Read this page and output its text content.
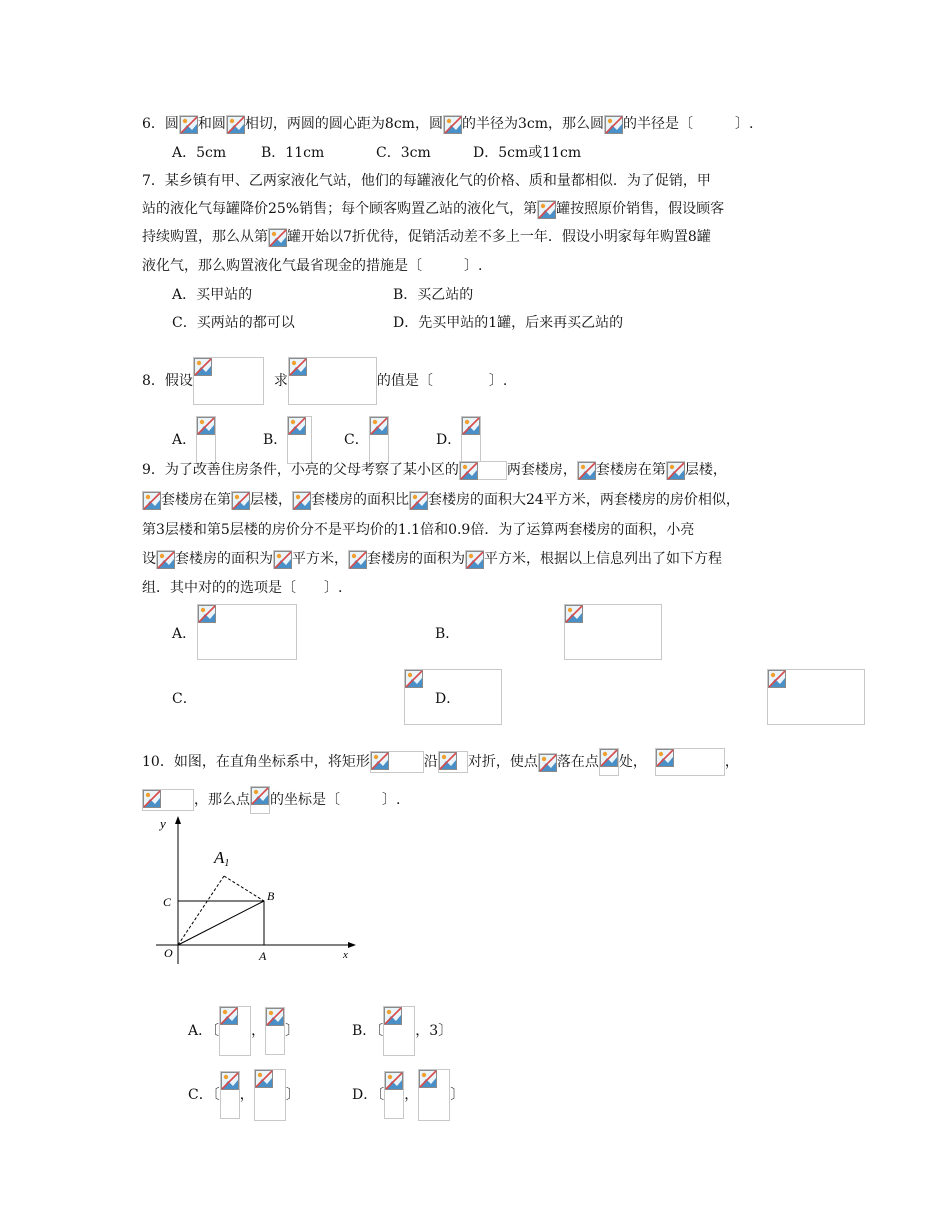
6．圆 和圆 相切，两圆的圆心距为8cm，圆 的半径为3cm，那么圆 的半径是〔　　　〕.
A．5cm B．11cm	C．3cm	D．5cm或11cm
7．某乡镇有甲、乙两家液化气站，他们的每罐液化气的价格、质和量都相似．为了促销，甲
站的液化气每罐降价25%销售；每个顾客购置乙站的液化气，第 罐按照原价销售，假设顾客
持续购置，那么从第 罐开始以7折优待，促销活动差不多上一年．假设小明家每年购置8罐
液化气，那么购置液化气最省现金的措施是〔　　　〕.
A．买甲站的	B．买乙站的
C．买两站的都可以	D．先买甲站的1罐，后来再买乙站的
8．假设	求	的值是〔　　　　〕.
A．	B．	C．	D．
9．为了改善住房条件，小亮的父母考察了某小区的	两套楼房， 套楼房在第 层楼，
套楼房在第 层楼， 套楼房的面积比 套楼房的面积大24平方米，两套楼房的房价相似，
第3层楼和第5层楼的房价分不是平均价的1.1倍和0.9倍．为了运算两套楼房的面积，小亮
设 套楼房的面积为 平方米， 套楼房的面积为 平方米，根据以上信息列出了如下方程
组．其中对的的选项是〔　　〕.
A．
	B．

C．
	D．
10．如图，在直角坐标系中，将矩形	沿 对折，使点 落在点 处，	，
，那么点 的坐标是〔　　　〕.
y
A1
B
C
O	A	x
A．〔 ， 〕	B．〔 ，3〕
C．〔 ， 〕	D．〔 ， 〕
